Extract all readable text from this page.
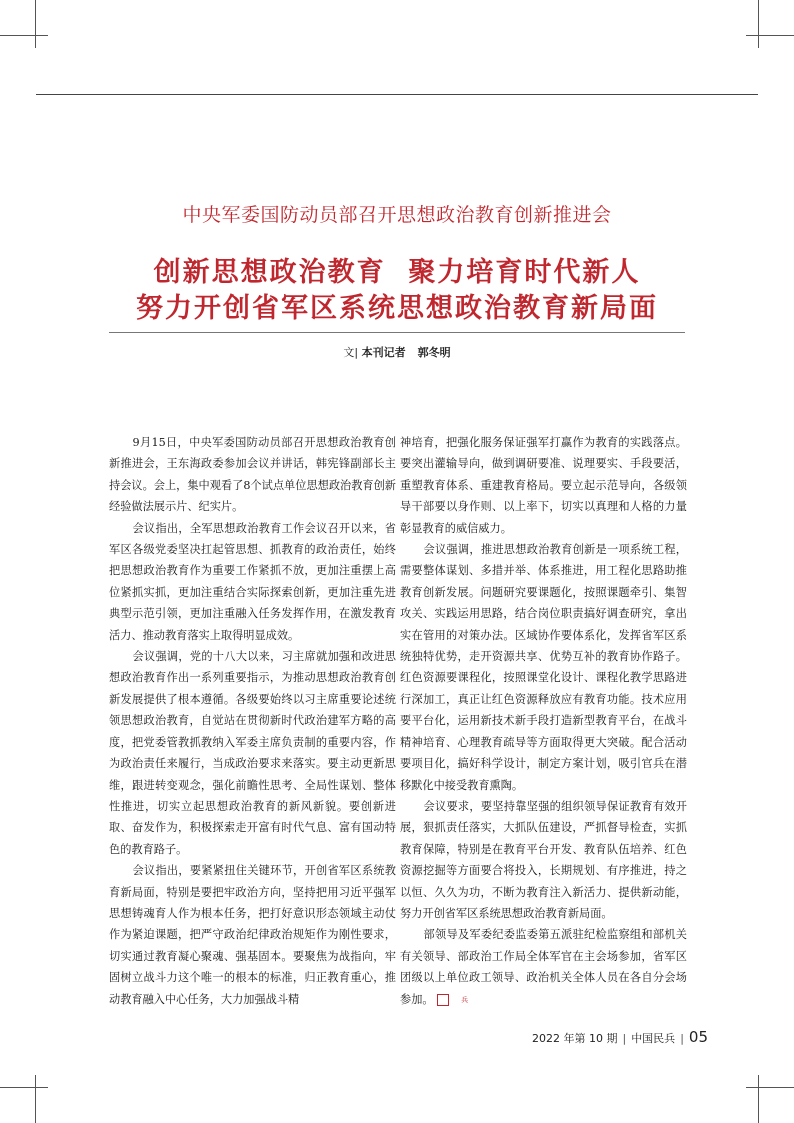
中央军委国防动员部召开思想政治教育创新推进会
创新思想政治教育  聚力培育时代新人
努力开创省军区系统思想政治教育新局面
文| 本刊记者 郭冬明

9月15日，中央军委国防动员部召开思想政治教育创新推进会，王东海政委参加会议并讲话，韩宪锋副部长主持会议。会上，集中观看了8个试点单位思想政治教育创新经验做法展示片、纪实片。

会议指出，全军思想政治教育工作会议召开以来，省军区各级党委坚决扛起管思想、抓教育的政治责任，始终把思想政治教育作为重要工作紧抓不放，更加注重摆上高位紧抓实抓，更加注重结合实际探索创新，更加注重先进典型示范引领，更加注重融入任务发挥作用，在激发教育活力、推动教育落实上取得明显成效。

会议强调，党的十八大以来，习主席就加强和改进思想政治教育作出一系列重要指示，为推动思想政治教育创新发展提供了根本遵循。各级要始终以习主席重要论述统领思想政治教育，自觉站在贯彻新时代政治建军方略的高度，把党委管教抓教纳入军委主席负责制的重要内容，作为政治责任来履行，当成政治要求来落实。要主动更新思维，跟进转变观念，强化前瞻性思考、全局性谋划、整体性推进，切实立起思想政治教育的新风新貌。要创新进取、奋发作为，积极探索走开富有时代气息、富有国动特色的教育路子。

会议指出，要紧紧扭住关键环节，开创省军区系统教育新局面，特别是要把牢政治方向，坚持把用习近平强军思想铸魂育人作为根本任务，把打好意识形态领域主动仗作为紧迫课题，把严守政治纪律政治规矩作为刚性要求，切实通过教育凝心聚魂、强基固本。要聚焦为战指向，牢固树立战斗力这个唯一的根本的标准，归正教育重心，推动教育融入中心任务，大力加强战斗精

神培育，把强化服务保证强军打赢作为教育的实践落点。要突出灌输导向，做到调研要准、说理要实、手段要活，重塑教育体系、重建教育格局。要立起示范导向，各级领导干部要以身作则、以上率下，切实以真理和人格的力量彰显教育的威信威力。

会议强调，推进思想政治教育创新是一项系统工程，需要整体谋划、多措并举、体系推进，用工程化思路助推教育创新发展。问题研究要课题化，按照课题牵引、集智攻关、实践运用思路，结合岗位职责搞好调查研究，拿出实在管用的对策办法。区域协作要体系化，发挥省军区系统独特优势，走开资源共享、优势互补的教育协作路子。红色资源要课程化，按照课堂化设计、课程化教学思路进行深加工，真正让红色资源释放应有教育功能。技术应用要平台化，运用新技术新手段打造新型教育平台，在战斗精神培育、心理教育疏导等方面取得更大突破。配合活动要项目化，搞好科学设计，制定方案计划，吸引官兵在潜移默化中接受教育熏陶。

会议要求，要坚持靠坚强的组织领导保证教育有效开展，狠抓责任落实，大抓队伍建设，严抓督导检查，实抓教育保障，特别是在教育平台开发、教育队伍培养、红色资源挖掘等方面要合将投入，长期规划、有序推进，持之以恒、久久为功，不断为教育注入新活力、提供新动能，努力开创省军区系统思想政治教育新局面。

部领导及军委纪委监委第五派驻纪检监察组和部机关有关领导、部政治工作局全体军官在主会场参加，省军区团级以上单位政工领导、政治机关全体人员在各自分会场参加。	兵

2022 年第 10 期 | 中国民兵 | 05
